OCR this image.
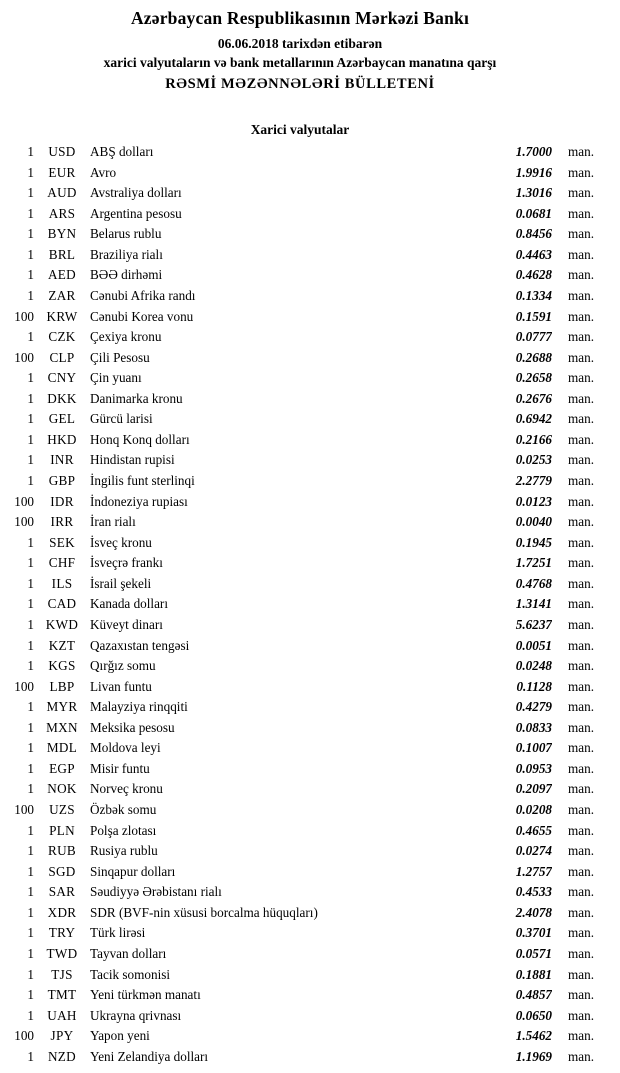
Azərbaycan Respublikasının Mərkəzi Bankı
06.06.2018 tarixdən etibarən
xarici valyutaların və bank metallarının Azərbaycan manatına qarşı
RƏSMİ MƏZƏNNƏLƏRİ BÜLLETENİ
Xarici valyutalar
1	USD	ABŞ dolları	1.7000	man.
1	EUR	Avro	1.9916	man.
1	AUD	Avstraliya dolları	1.3016	man.
1	ARS	Argentina pesosu	0.0681	man.
1	BYN	Belarus rublu	0.8456	man.
1	BRL	Braziliya rialı	0.4463	man.
1	AED	BƏƏ dirhəmi	0.4628	man.
1	ZAR	Cənubi Afrika randı	0.1334	man.
100	KRW	Cənubi Korea vonu	0.1591	man.
1	CZK	Çexiya kronu	0.0777	man.
100	CLP	Çili Pesosu	0.2688	man.
1	CNY	Çin yuanı	0.2658	man.
1	DKK	Danimarka kronu	0.2676	man.
1	GEL	Gürcü larisi	0.6942	man.
1	HKD	Honq Konq dolları	0.2166	man.
1	INR	Hindistan rupisi	0.0253	man.
1	GBP	İngilis funt sterlinqi	2.2779	man.
100	IDR	İndoneziya rupiası	0.0123	man.
100	IRR	İran rialı	0.0040	man.
1	SEK	İsveç kronu	0.1945	man.
1	CHF	İsveçrə frankı	1.7251	man.
1	ILS	İsrail şekeli	0.4768	man.
1	CAD	Kanada dolları	1.3141	man.
1	KWD	Küveyt dinarı	5.6237	man.
1	KZT	Qazaxıstan tengəsi	0.0051	man.
1	KGS	Qırğız somu	0.0248	man.
100	LBP	Livan funtu	0.1128	man.
1	MYR	Malayziya rinqqiti	0.4279	man.
1	MXN	Meksika pesosu	0.0833	man.
1	MDL	Moldova leyi	0.1007	man.
1	EGP	Misir funtu	0.0953	man.
1	NOK	Norveç kronu	0.2097	man.
100	UZS	Özbək somu	0.0208	man.
1	PLN	Polşa zlotası	0.4655	man.
1	RUB	Rusiya rublu	0.0274	man.
1	SGD	Sinqapur dolları	1.2757	man.
1	SAR	Səudiyyə Ərəbistanı rialı	0.4533	man.
1	XDR	SDR (BVF-nin xüsusi borcalma hüquqları)	2.4078	man.
1	TRY	Türk lirəsi	0.3701	man.
1	TWD	Tayvan dolları	0.0571	man.
1	TJS	Tacik somonisi	0.1881	man.
1	TMT	Yeni türkmən manatı	0.4857	man.
1	UAH	Ukrayna qrivnası	0.0650	man.
100	JPY	Yapon yeni	1.5462	man.
1	NZD	Yeni Zelandiya dolları	1.1969	man.
